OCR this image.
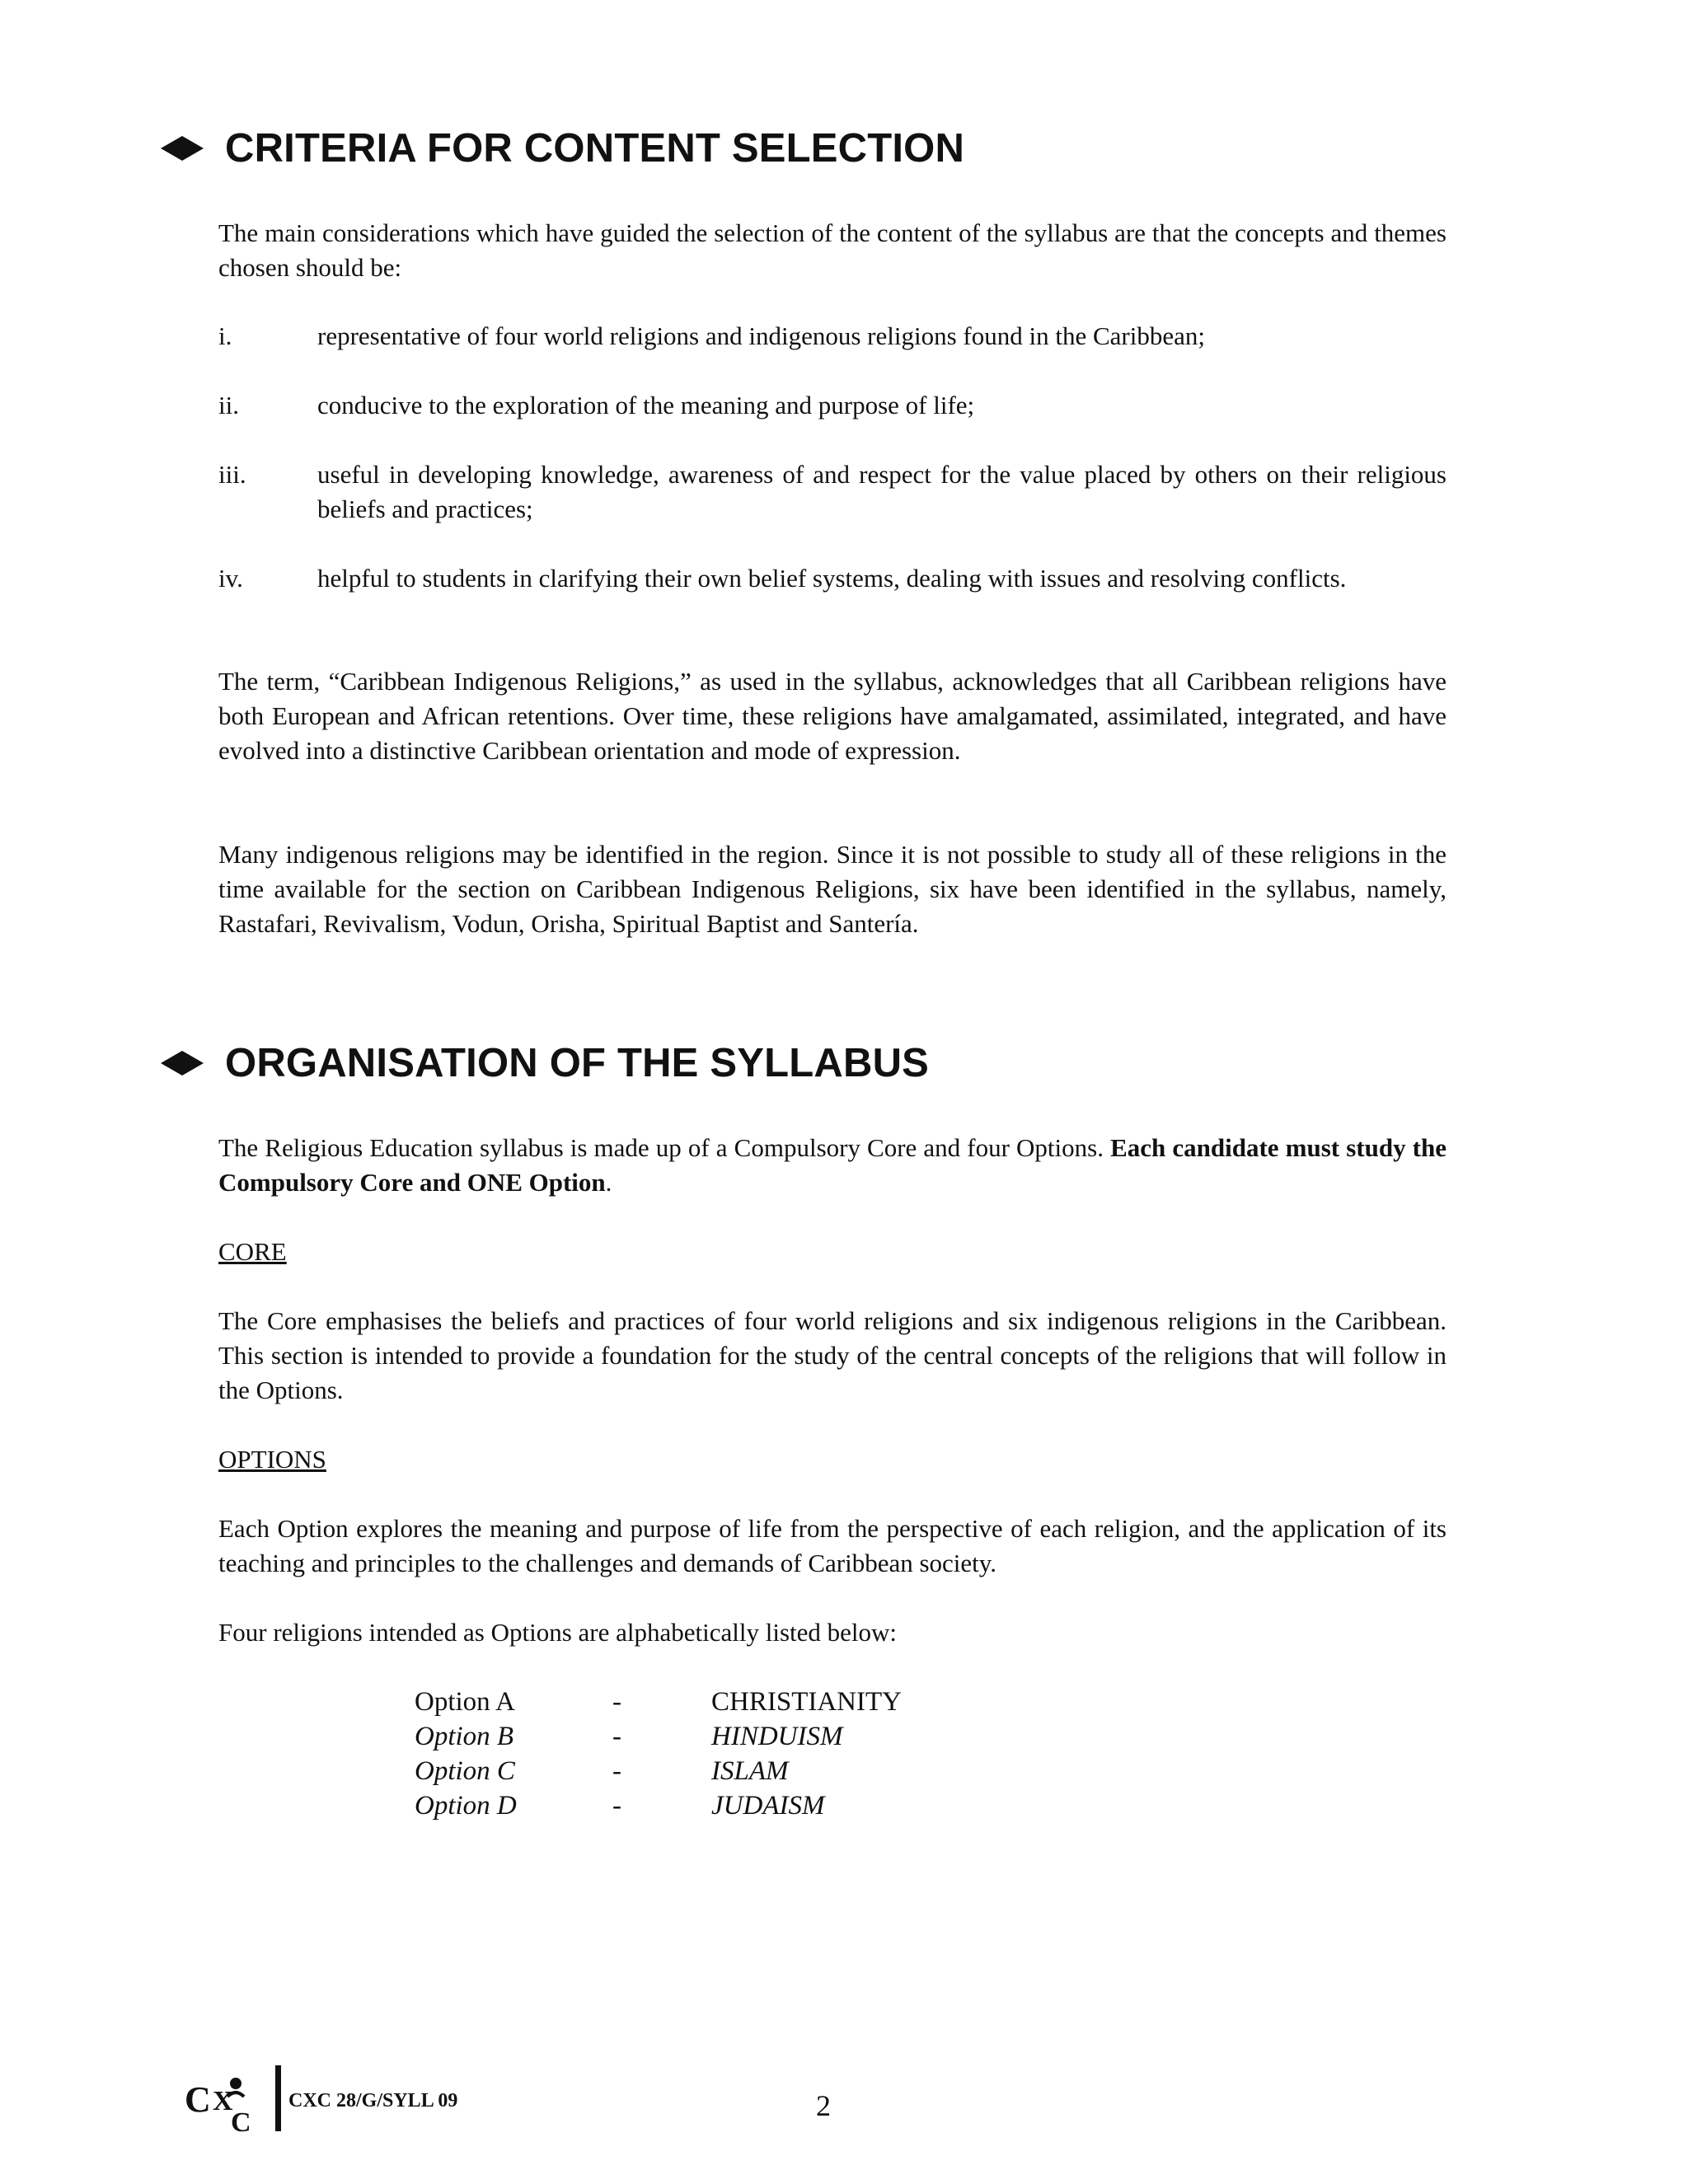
CRITERIA FOR CONTENT SELECTION

The main considerations which have guided the selection of the content of the syllabus are that the concepts and themes chosen should be:

i.	representative of four world religions and indigenous religions found in the Caribbean;
ii.	conducive to the exploration of the meaning and purpose of life;
iii.	useful in developing knowledge, awareness of and respect for the value placed by others on their religious beliefs and practices;
iv.	helpful to students in clarifying their own belief systems, dealing with issues and resolving conflicts.

The term, “Caribbean Indigenous Religions,” as used in the syllabus, acknowledges that all Caribbean religions have both European and African retentions. Over time, these religions have amalgamated, assimilated, integrated, and have evolved into a distinctive Caribbean orientation and mode of expression.

Many indigenous religions may be identified in the region. Since it is not possible to study all of these religions in the time available for the section on Caribbean Indigenous Religions, six have been identified in the syllabus, namely, Rastafari, Revivalism, Vodun, Orisha, Spiritual Baptist and Santería.

ORGANISATION OF THE SYLLABUS

The Religious Education syllabus is made up of a Compulsory Core and four Options. Each candidate must study the Compulsory Core and ONE Option.

CORE

The Core emphasises the beliefs and practices of four world religions and six indigenous religions in the Caribbean. This section is intended to provide a foundation for the study of the central concepts of the religions that will follow in the Options.

OPTIONS

Each Option explores the meaning and purpose of life from the perspective of each religion, and the application of its teaching and principles to the challenges and demands of Caribbean society.

Four religions intended as Options are alphabetically listed below:

Option A	-	CHRISTIANITY
Option B	-	HINDUISM
Option C	-	ISLAM
Option D	-	JUDAISM
C X
C
CXC 28/G/SYLL 09	2
